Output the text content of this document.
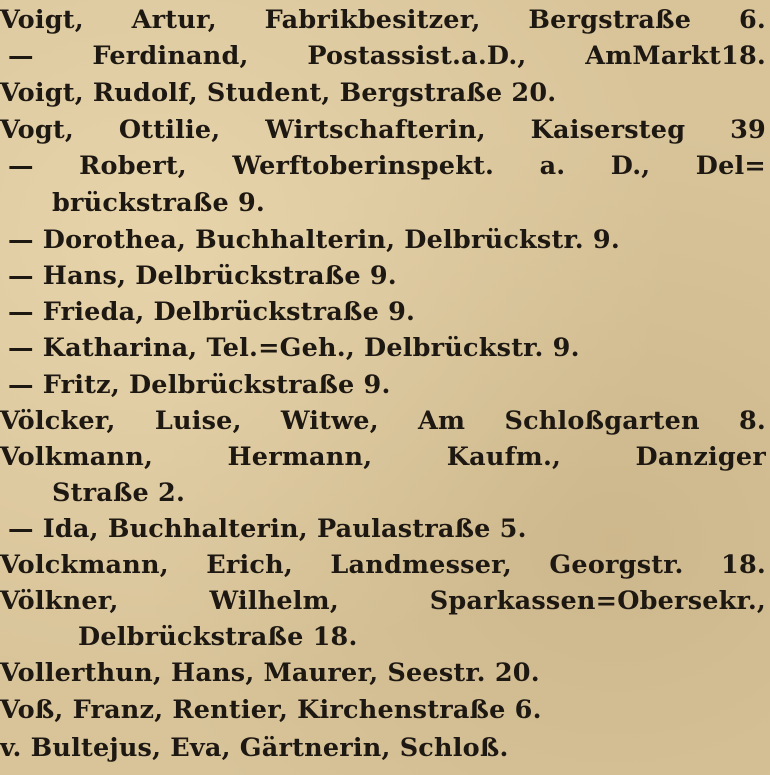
Voigt, Artur, Fabrikbesitzer, Bergstraße 6.
— Ferdinand, Postassist.a.D., AmMarkt18.
Voigt, Rudolf, Student, Bergstraße 20.
Vogt, Ottilie, Wirtschafterin, Kaisersteg 39
— Robert, Werftoberinspekt. a. D., Del=
brückstraße 9.
— Dorothea, Buchhalterin, Delbrückstr. 9.
— Hans, Delbrückstraße 9.
— Frieda, Delbrückstraße 9.
— Katharina, Tel.=Geh., Delbrückstr. 9.
— Fritz, Delbrückstraße 9.
Völcker, Luise, Witwe, Am Schloßgarten 8.
Volkmann, Hermann, Kaufm., Danziger
Straße 2.
— Ida, Buchhalterin, Paulastraße 5.
Volckmann, Erich, Landmesser, Georgstr. 18.
Völkner, Wilhelm, Sparkassen=Obersekr.,
Delbrückstraße 18.
Vollerthun, Hans, Maurer, Seestr. 20.
Voß, Franz, Rentier, Kirchenstraße 6.
v. Bultejus, Eva, Gärtnerin, Schloß.
